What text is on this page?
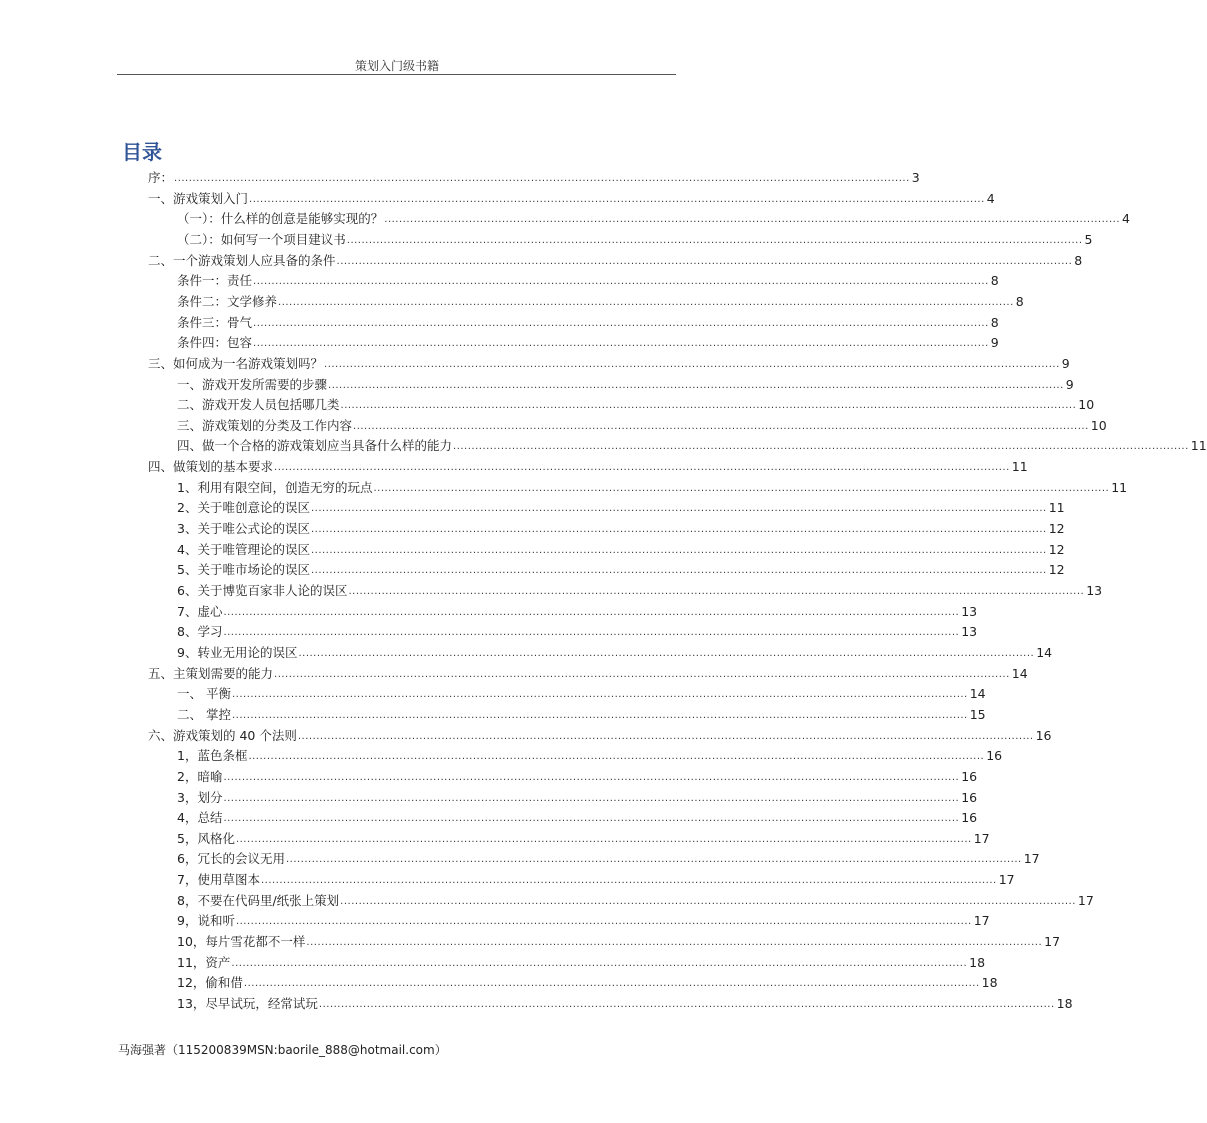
策划入门级书籍
目录
序： ........................................................................................................................................................................................................ 3
一、游戏策划入门 ........................................................................................................................................................................................................ 4
（一）：什么样的创意是能够实现的？ ........................................................................................................................................................................................................ 4
（二）：如何写一个项目建议书 ........................................................................................................................................................................................................ 5
二、一个游戏策划人应具备的条件 ........................................................................................................................................................................................................ 8
条件一：责任 ........................................................................................................................................................................................................ 8
条件二：文学修养 ........................................................................................................................................................................................................ 8
条件三：骨气 ........................................................................................................................................................................................................ 8
条件四：包容 ........................................................................................................................................................................................................ 9
三、如何成为一名游戏策划吗？ ........................................................................................................................................................................................................ 9
一、游戏开发所需要的步骤 ........................................................................................................................................................................................................ 9
二、游戏开发人员包括哪几类 ........................................................................................................................................................................................................ 10
三、游戏策划的分类及工作内容 ........................................................................................................................................................................................................ 10
四、做一个合格的游戏策划应当具备什么样的能力 ........................................................................................................................................................................................................ 11
四、做策划的基本要求 ........................................................................................................................................................................................................ 11
1、利用有限空间，创造无穷的玩点 ........................................................................................................................................................................................................ 11
2、关于唯创意论的误区 ........................................................................................................................................................................................................ 11
3、关于唯公式论的误区 ........................................................................................................................................................................................................ 12
4、关于唯管理论的误区 ........................................................................................................................................................................................................ 12
5、关于唯市场论的误区 ........................................................................................................................................................................................................ 12
6、关于博览百家非人论的误区 ........................................................................................................................................................................................................ 13
7、虚心 ........................................................................................................................................................................................................ 13
8、学习 ........................................................................................................................................................................................................ 13
9、转业无用论的误区 ........................................................................................................................................................................................................ 14
五、主策划需要的能力 ........................................................................................................................................................................................................ 14
一、 平衡 ........................................................................................................................................................................................................ 14
二、 掌控 ........................................................................................................................................................................................................ 15
六、游戏策划的 40 个法则 ........................................................................................................................................................................................................ 16
1，蓝色条框 ........................................................................................................................................................................................................ 16
2，暗喻 ........................................................................................................................................................................................................ 16
3，划分 ........................................................................................................................................................................................................ 16
4，总结 ........................................................................................................................................................................................................ 16
5，风格化 ........................................................................................................................................................................................................ 17
6，冗长的会议无用 ........................................................................................................................................................................................................ 17
7，使用草图本 ........................................................................................................................................................................................................ 17
8，不要在代码里/纸张上策划 ........................................................................................................................................................................................................ 17
9，说和听 ........................................................................................................................................................................................................ 17
10，每片雪花都不一样 ........................................................................................................................................................................................................ 17
11，资产 ........................................................................................................................................................................................................ 18
12，偷和借 ........................................................................................................................................................................................................ 18
13，尽早试玩，经常试玩 ........................................................................................................................................................................................................ 18
马海强著（115200839MSN:baorile_888@hotmail.com）
